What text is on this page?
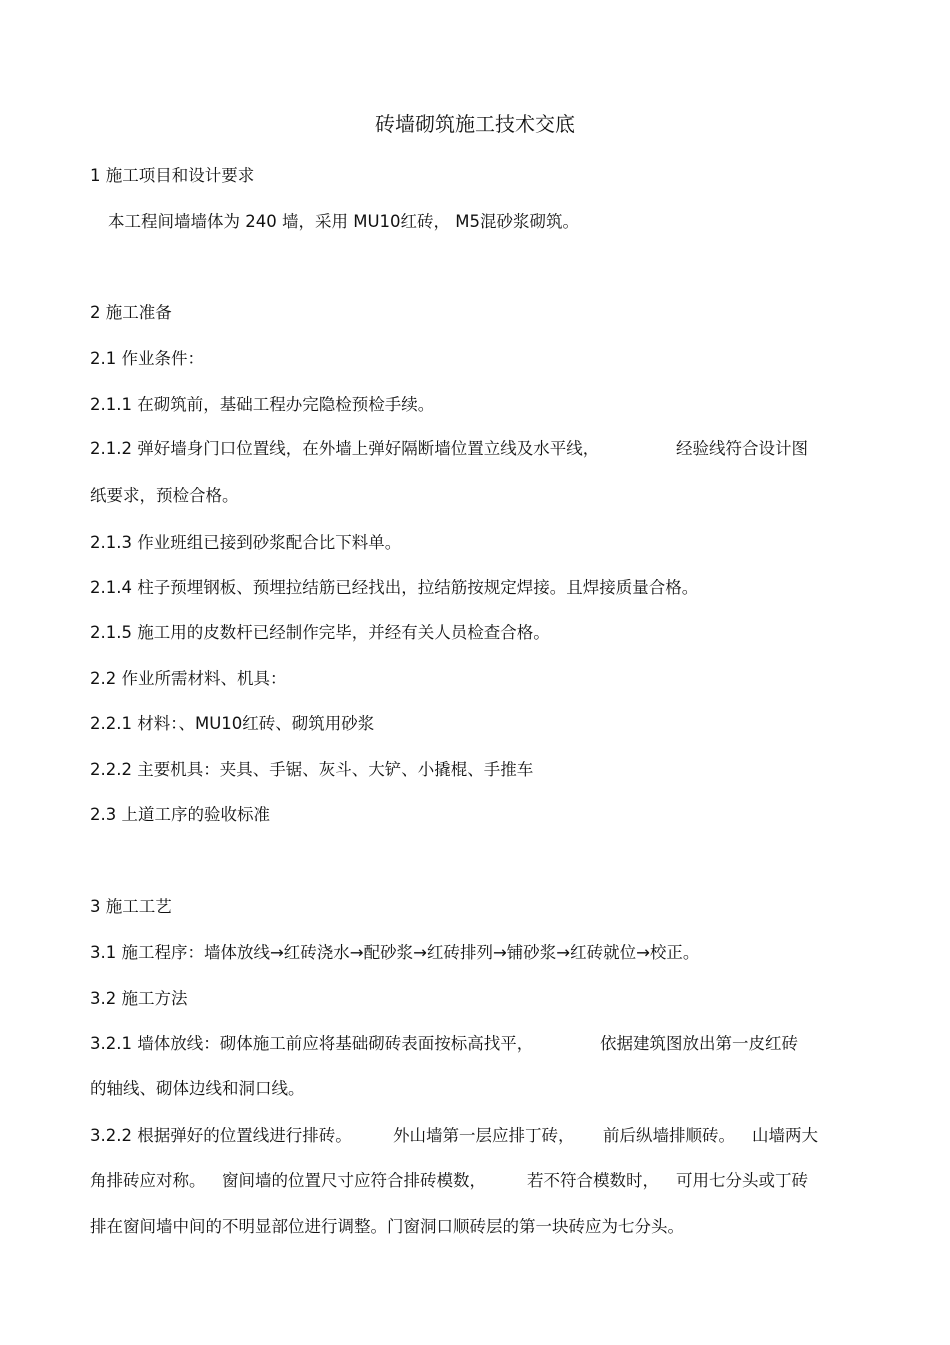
砖墙砌筑施工技术交底
1 施工项目和设计要求
本工程间墙墙体为 240 墙，采用 MU10红砖， M5混砂浆砌筑。
2 施工准备
2.1 作业条件：
2.1.1 在砌筑前，基础工程办完隐检预检手续。
2.1.2 弹好墙身门口位置线，在外墙上弹好隔断墙位置立线及水平线，	经验线符合设计图
纸要求，预检合格。
2.1.3 作业班组已接到砂浆配合比下料单。
2.1.4 柱子预埋钢板、预埋拉结筋已经找出，拉结筋按规定焊接。且焊接质量合格。
2.1.5 施工用的皮数杆已经制作完毕，并经有关人员检查合格。
2.2 作业所需材料、机具：
2.2.1 材料：、MU10红砖、砌筑用砂浆
2.2.2 主要机具：夹具、手锯、灰斗、大铲、小撬棍、手推车
2.3 上道工序的验收标准
3 施工工艺
3.1 施工程序：墙体放线→红砖浇水→配砂浆→红砖排列→铺砂浆→红砖就位→校正。
3.2 施工方法
3.2.1 墙体放线：砌体施工前应将基础砌砖表面按标高找平，	依据建筑图放出第一皮红砖
的轴线、砌体边线和洞口线。
3.2.2 根据弹好的位置线进行排砖。	外山墙第一层应排丁砖， 前后纵墙排顺砖。 山墙两大
角排砖应对称。 窗间墙的位置尺寸应符合排砖模数， 若不符合模数时， 可用七分头或丁砖
排在窗间墙中间的不明显部位进行调整。门窗洞口顺砖层的第一块砖应为七分头。
